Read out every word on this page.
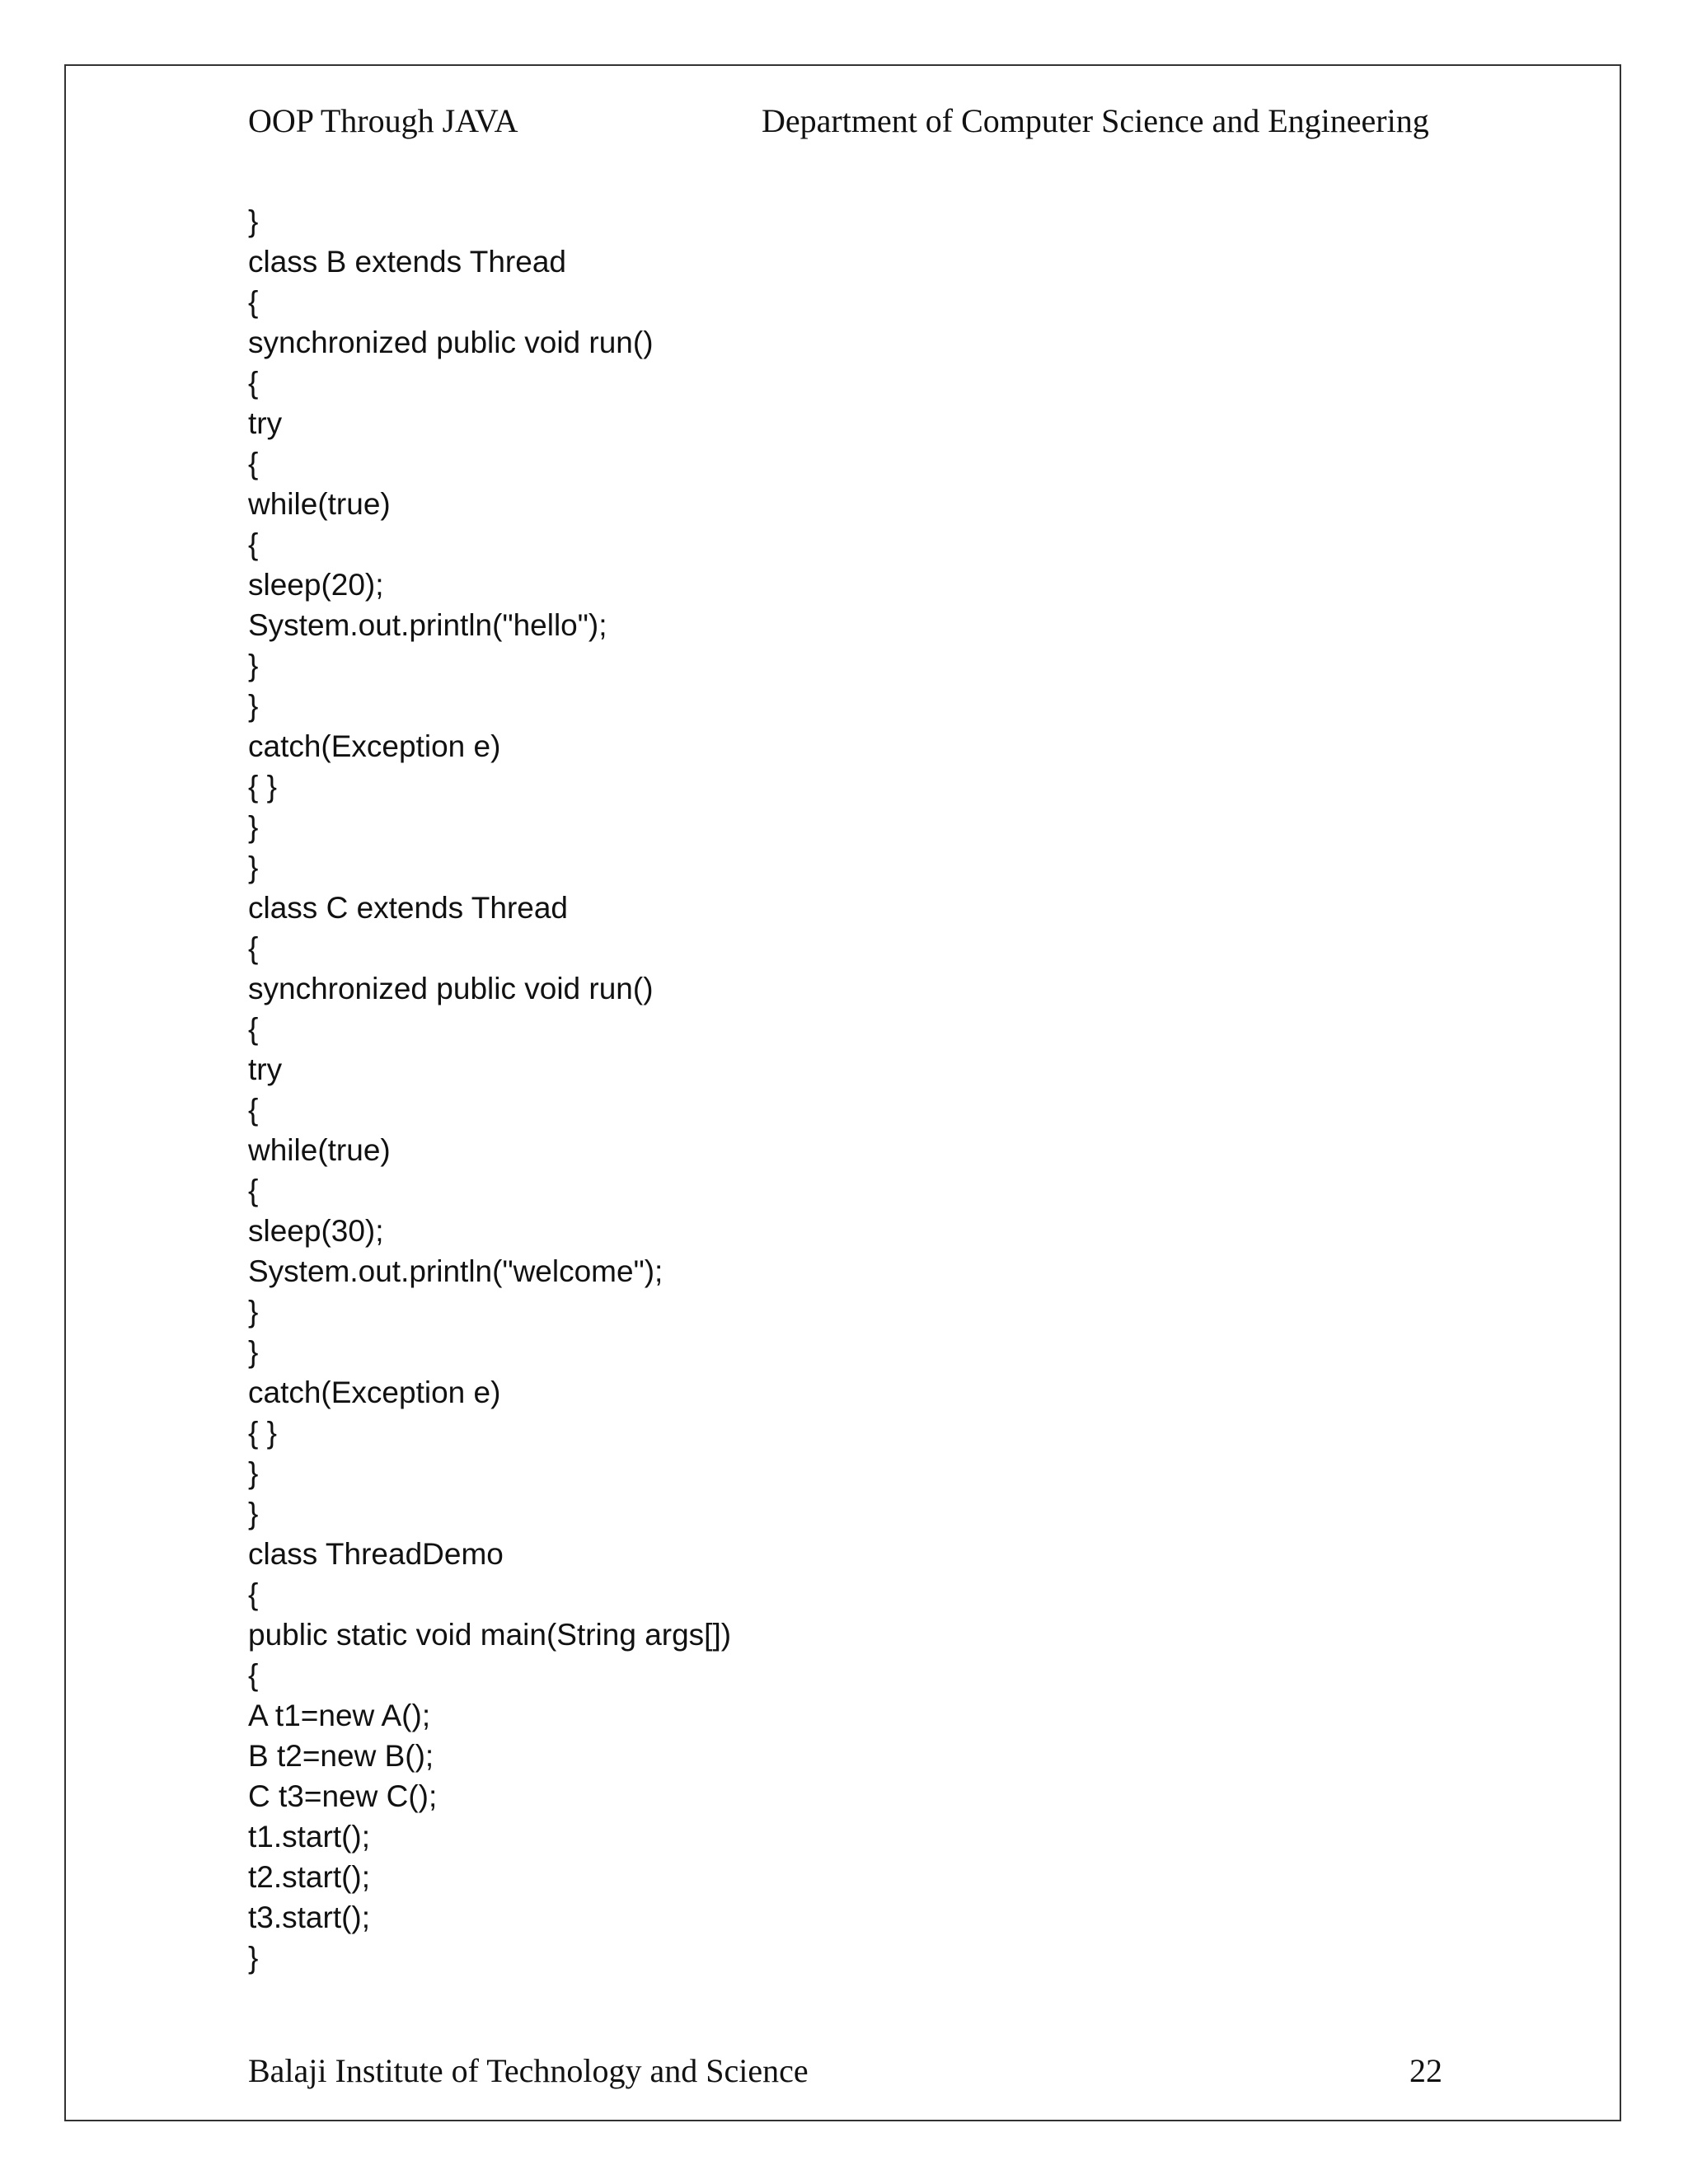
OOP Through JAVA	Department of Computer Science and Engineering
}
class B extends Thread
{
synchronized public void run()
{
try
{
while(true)
{
sleep(20);
System.out.println("hello");
}
}
catch(Exception e)
{ }
}
}
class C extends Thread
{
synchronized public void run()
{
try
{
while(true)
{
sleep(30);
System.out.println("welcome");
}
}
catch(Exception e)
{ }
}
}
class ThreadDemo
{
public static void main(String args[])
{
A t1=new A();
B t2=new B();
C t3=new C();
t1.start();
t2.start();
t3.start();
}
Balaji Institute of Technology and Science	22
